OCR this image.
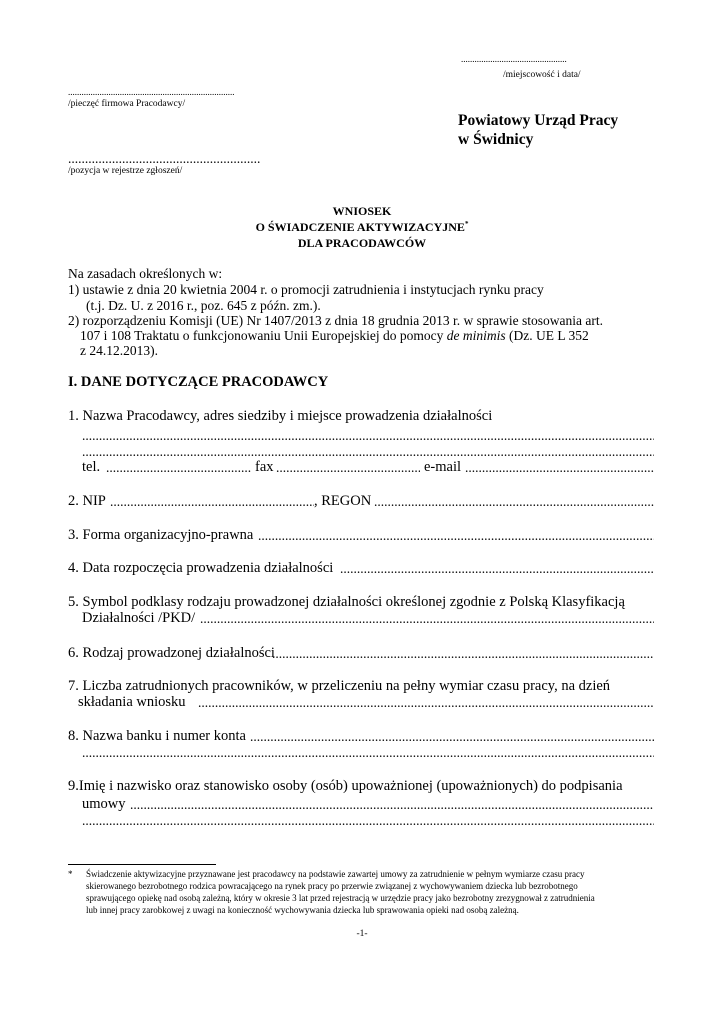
...............................................
/miejscowość i data/
..........................................................................
/pieczęć firmowa Pracodawcy/
Powiatowy Urząd Pracy
w Świdnicy
.........................................................
/pozycja w rejestrze zgłoszeń/
WNIOSEK
O ŚWIADCZENIE AKTYWIZACYJNE*
DLA PRACODAWCÓW
Na zasadach określonych w:
1) ustawie z dnia 20 kwietnia 2004 r. o promocji zatrudnienia i instytucjach rynku pracy
(t.j. Dz. U. z 2016 r., poz. 645 z późn. zm.).
2) rozporządzeniu Komisji (UE) Nr 1407/2013 z dnia 18 grudnia 2013 r. w sprawie stosowania art.
107 i 108 Traktatu o funkcjonowaniu Unii Europejskiej do pomocy de minimis (Dz. UE L 352
z 24.12.2013).
I. DANE DOTYCZĄCE PRACODAWCY
1. Nazwa Pracodawcy, adres siedziby i miejsce prowadzenia działalności
.....
.....
tel. .....	fax .....	e-mail
.....
2. NIP .....	, REGON
.....
3. Forma organizacyjno-prawna
.....
4. Data rozpoczęcia prowadzenia działalności
.....
5. Symbol podklasy rodzaju prowadzonej działalności określonej zgodnie z Polską Klasyfikacją
Działalności /PKD/
.....
6. Rodzaj prowadzonej działalności
.....
7. Liczba zatrudnionych pracowników, w przeliczeniu na pełny wymiar czasu pracy, na dzień
składania wniosku
.....
8. Nazwa banku i numer konta
.....
.....
9.Imię i nazwisko oraz stanowisko osoby (osób) upoważnionej (upoważnionych) do podpisania
umowy
.....
.....
* Świadczenie aktywizacyjne przyznawane jest pracodawcy na podstawie zawartej umowy za zatrudnienie w pełnym wymiarze czasu pracy
skierowanego bezrobotnego rodzica powracającego na rynek pracy po przerwie związanej z wychowywaniem dziecka lub bezrobotnego
sprawującego opiekę nad osobą zależną, który w okresie 3 lat przed rejestracją w urzędzie pracy jako bezrobotny zrezygnował z zatrudnienia
lub innej pracy zarobkowej z uwagi na konieczność wychowywania dziecka lub sprawowania opieki nad osobą zależną.
-1-
